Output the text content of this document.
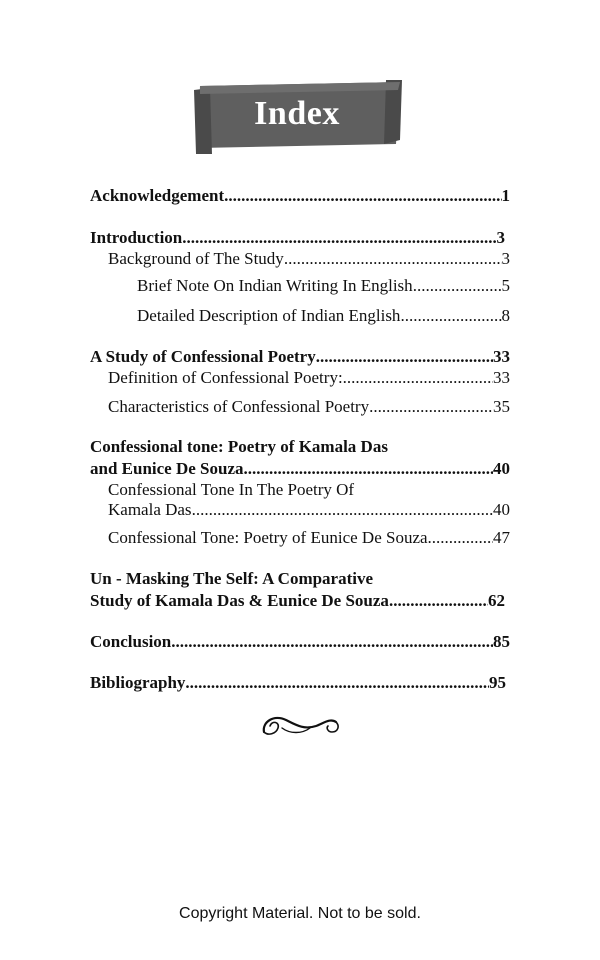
Index
Acknowledgement .....	1
Introduction .....	3
Background of The Study .....	3
Brief Note On Indian Writing In English .....	5
Detailed Description of Indian English .....	8
A Study of Confessional Poetry .....	33
Definition of Confessional Poetry: .....	33
Characteristics of Confessional Poetry .....	35
Confessional tone: Poetry of Kamala Das
and Eunice De Souza .....	40
Confessional Tone In The Poetry Of
Kamala Das .....	40
Confessional Tone: Poetry of Eunice De Souza .....	47
Un - Masking The Self: A Comparative
Study of Kamala Das & Eunice De Souza .....	62
Conclusion .....	85
Bibliography .....	95
Copyright Material. Not to be sold.
